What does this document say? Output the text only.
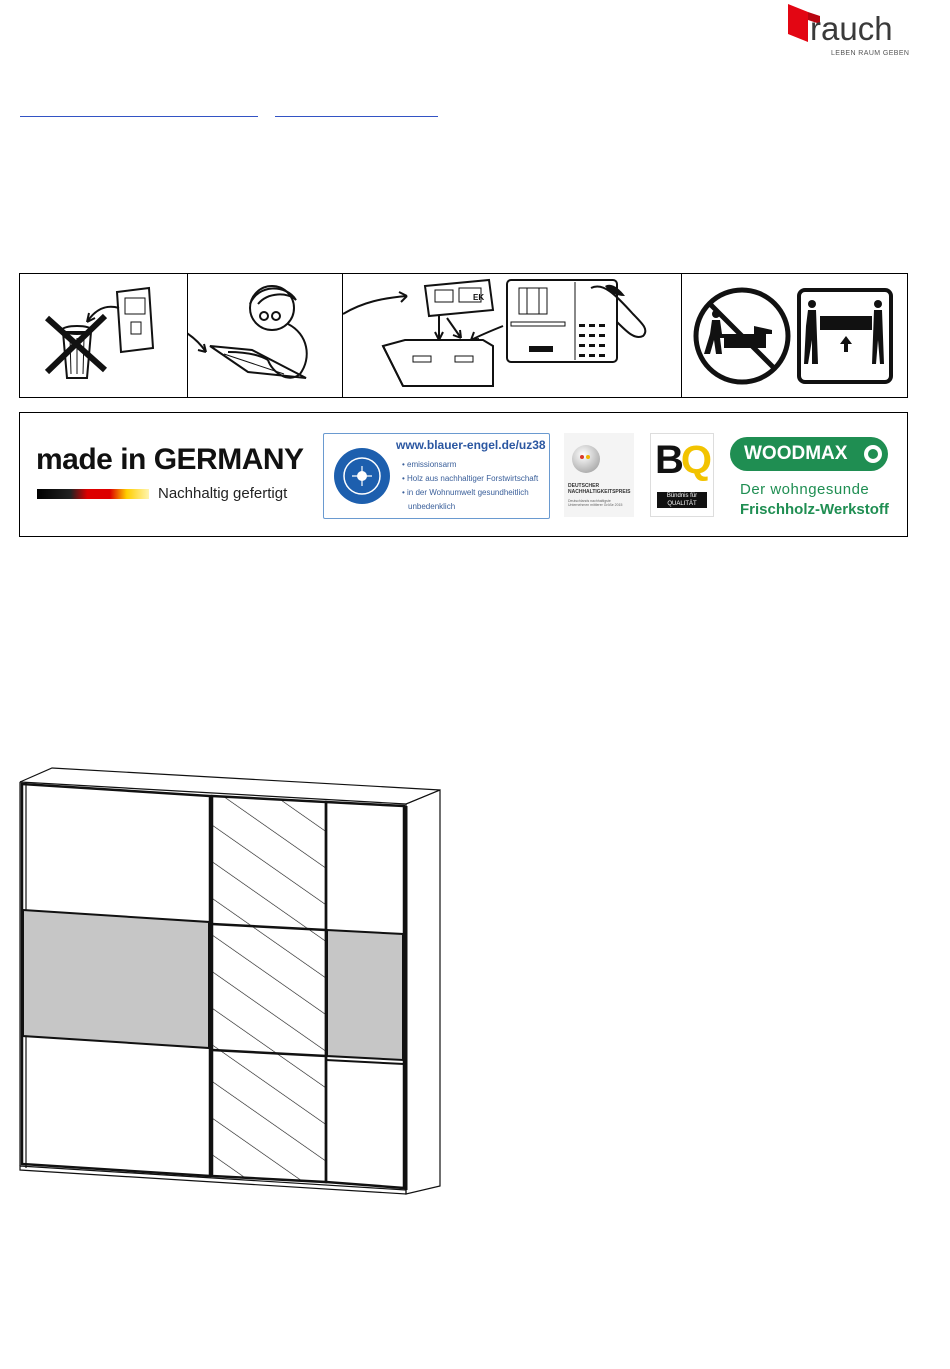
rauch
LEBEN RAUM GEBEN
EK
made in GERMANY
Nachhaltig gefertigt
www.blauer-engel.de/uz38
• emissionsarm
• Holz aus nachhaltiger Forstwirtschaft
• in der Wohnumwelt gesundheitlich
unbedenklich
DEUTSCHER NACHHALTIGKEITSPREIS
Deutschlands nachhaltigste Unternehmen mittlerer Größe 2015
BQ
Bündnis für QUALITÄT
WOODMAX
Der wohngesunde
Frischholz-Werkstoff
